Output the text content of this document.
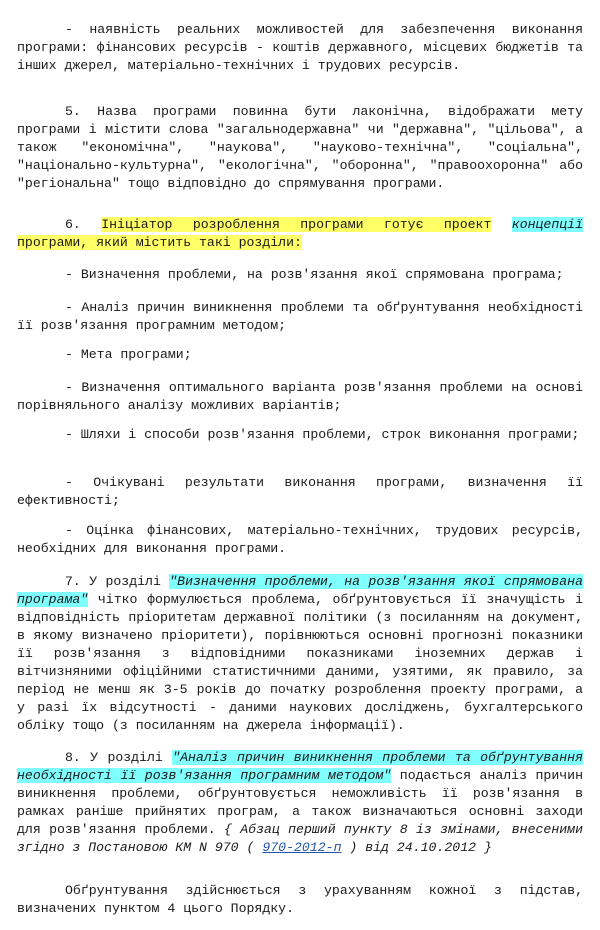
- наявність реальних можливостей для забезпечення виконання програми: фінансових ресурсів - коштів державного, місцевих бюджетів та інших джерел, матеріально-технічних і трудових ресурсів.
5. Назва програми повинна бути лаконічна, відображати мету програми і містити слова "загальнодержавна" чи "державна", "цільова", а також "економічна", "наукова", "науково-технічна", "соціальна", "національно-культурна", "екологічна", "оборонна", "правоохоронна" або "регіональна" тощо відповідно до спрямування програми.
6. Ініціатор розроблення програми готує проект концепції програми, який містить такі розділи:
- Визначення проблеми, на розв'язання якої спрямована програма;
- Аналіз причин виникнення проблеми та обґрунтування необхідності її розв'язання програмним методом;
- Мета програми;
- Визначення оптимального варіанта розв'язання проблеми на основі порівняльного аналізу можливих варіантів;
- Шляхи і способи розв'язання проблеми, строк виконання програми;
- Очікувані результати виконання програми, визначення її ефективності;
- Оцінка фінансових, матеріально-технічних, трудових ресурсів, необхідних для виконання програми.
7. У розділі "Визначення проблеми, на розв'язання якої спрямована програма" чітко формулюється проблема, обґрунтовується її значущість і відповідність пріоритетам державної політики (з посиланням на документ, в якому визначено пріоритети), порівнюються основні прогнозні показники її розв'язання з відповідними показниками іноземних держав і вітчизняними офіційними статистичними даними, узятими, як правило, за період не менш як 3-5 років до початку розроблення проекту програми, а у разі їх відсутності - даними наукових досліджень, бухгалтерського обліку тощо (з посиланням на джерела інформації).
8. У розділі "Аналіз причин виникнення проблеми та обґрунтування необхідності її розв'язання програмним методом" подається аналіз причин виникнення проблеми, обґрунтовується неможливість її розв'язання в рамках раніше прийнятих програм, а також визначаються основні заходи для розв'язання проблеми. { Абзац перший пункту 8 із змінами, внесеними згідно з Постановою КМ N 970 ( 970-2012-п ) від 24.10.2012 }
Обґрунтування здійснюється з урахуванням кожної з підстав, визначених пунктом 4 цього Порядку.
